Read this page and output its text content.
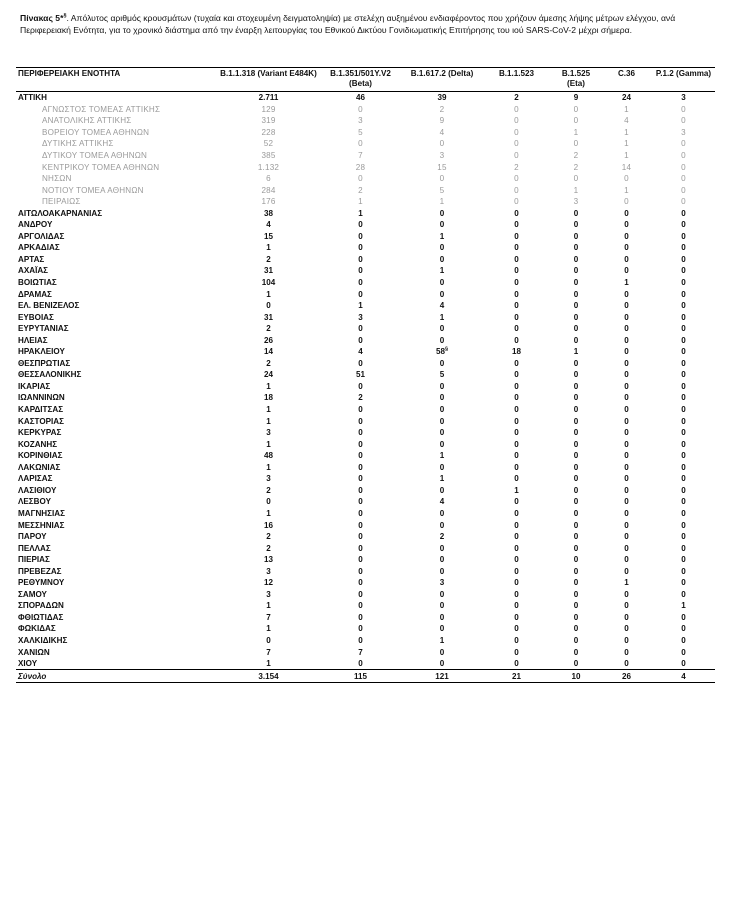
Πίνακας 5*§. Απόλυτος αριθμός κρουσμάτων (τυχαία και στοχευμένη δειγματοληψία) με στελέχη αυξημένου ενδιαφέροντος που χρήζουν άμεσης λήψης μέτρων ελέγχου, ανά Περιφερειακή Ενότητα, για το χρονικό διάστημα από την έναρξη λειτουργίας του Εθνικού Δικτύου Γονιδιωματικής Επιτήρησης του ιού SARS-CoV-2 μέχρι σήμερα.
ΠΕΡΙΦΕΡΕΙΑΚΗ ΕΝΟΤΗΤΑ	B.1.1.318 (Variant E484K)	B.1.351/501Y.V2 (Beta)	B.1.617.2 (Delta)	B.1.1.523	B.1.525 (Eta)	C.36	P.1.2 (Gamma)
ΑΤΤΙΚΗ	2.711	46	39	2	9	24	3
ΑΓΝΩΣΤΟΣ ΤΟΜΕΑΣ ΑΤΤΙΚΗΣ	129	0	2	0	0	1	0
ΑΝΑΤΟΛΙΚΗΣ ΑΤΤΙΚΗΣ	319	3	9	0	0	4	0
ΒΟΡΕΙΟΥ ΤΟΜΕΑ ΑΘΗΝΩΝ	228	5	4	0	1	1	3
ΔΥΤΙΚΗΣ ΑΤΤΙΚΗΣ	52	0	0	0	0	1	0
ΔΥΤΙΚΟΥ ΤΟΜΕΑ ΑΘΗΝΩΝ	385	7	3	0	2	1	0
ΚΕΝΤΡΙΚΟΥ ΤΟΜΕΑ ΑΘΗΝΩΝ	1.132	28	15	2	2	14	0
ΝΗΣΩΝ	6	0	0	0	0	0	0
ΝΟΤΙΟΥ ΤΟΜΕΑ ΑΘΗΝΩΝ	284	2	5	0	1	1	0
ΠΕΙΡΑΙΩΣ	176	1	1	0	3	0	0
ΑΙΤΩΛΟΑΚΑΡΝΑΝΙΑΣ	38	1	0	0	0	0	0
ΑΝΔΡΟΥ	4	0	0	0	0	0	0
ΑΡΓΟΛΙΔΑΣ	15	0	1	0	0	0	0
ΑΡΚΑΔΙΑΣ	1	0	0	0	0	0	0
ΑΡΤΑΣ	2	0	0	0	0	0	0
ΑΧΑΪΑΣ	31	0	1	0	0	0	0
ΒΟΙΩΤΙΑΣ	104	0	0	0	0	1	0
ΔΡΑΜΑΣ	1	0	0	0	0	0	0
ΕΛ. ΒΕΝΙΖΕΛΟΣ	0	1	4	0	0	0	0
ΕΥΒΟΙΑΣ	31	3	1	0	0	0	0
ΕΥΡΥΤΑΝΙΑΣ	2	0	0	0	0	0	0
ΗΛΕΙΑΣ	26	0	0	0	0	0	0
ΗΡΑΚΛΕΙΟΥ	14	4	58§	18	1	0	0
ΘΕΣΠΡΩΤΙΑΣ	2	0	0	0	0	0	0
ΘΕΣΣΑΛΟΝΙΚΗΣ	24	51	5	0	0	0	0
ΙΚΑΡΙΑΣ	1	0	0	0	0	0	0
ΙΩΑΝΝΙΝΩΝ	18	2	0	0	0	0	0
ΚΑΡΔΙΤΣΑΣ	1	0	0	0	0	0	0
ΚΑΣΤΟΡΙΑΣ	1	0	0	0	0	0	0
ΚΕΡΚΥΡΑΣ	3	0	0	0	0	0	0
ΚΟΖΑΝΗΣ	1	0	0	0	0	0	0
ΚΟΡΙΝΘΙΑΣ	48	0	1	0	0	0	0
ΛΑΚΩΝΙΑΣ	1	0	0	0	0	0	0
ΛΑΡΙΣΑΣ	3	0	1	0	0	0	0
ΛΑΣΙΘΙΟΥ	2	0	0	1	0	0	0
ΛΕΣΒΟΥ	0	0	4	0	0	0	0
ΜΑΓΝΗΣΙΑΣ	1	0	0	0	0	0	0
ΜΕΣΣΗΝΙΑΣ	16	0	0	0	0	0	0
ΠΑΡΟΥ	2	0	2	0	0	0	0
ΠΕΛΛΑΣ	2	0	0	0	0	0	0
ΠΙΕΡΙΑΣ	13	0	0	0	0	0	0
ΠΡΕΒΕΖΑΣ	3	0	0	0	0	0	0
ΡΕΘΥΜΝΟΥ	12	0	3	0	0	1	0
ΣΑΜΟΥ	3	0	0	0	0	0	0
ΣΠΟΡΑΔΩΝ	1	0	0	0	0	0	1
ΦΘΙΩΤΙΔΑΣ	7	0	0	0	0	0	0
ΦΩΚΙΔΑΣ	1	0	0	0	0	0	0
ΧΑΛΚΙΔΙΚΗΣ	0	0	1	0	0	0	0
ΧΑΝΙΩΝ	7	7	0	0	0	0	0
ΧΙΟΥ	1	0	0	0	0	0	0
Σύνολο	3.154	115	121	21	10	26	4
